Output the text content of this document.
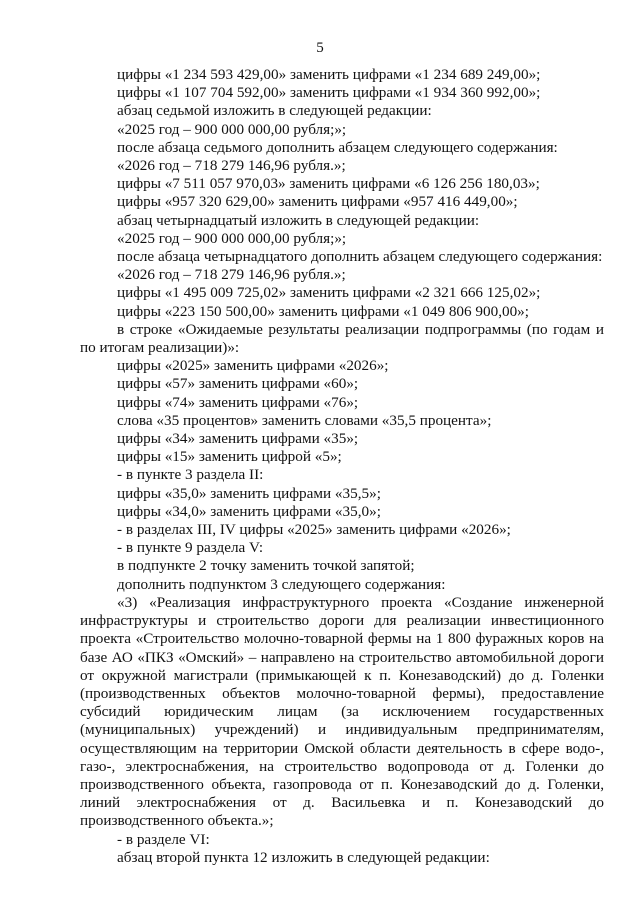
5
цифры «1 234 593 429,00» заменить цифрами «1 234 689 249,00»;
цифры «1 107 704 592,00» заменить цифрами «1 934 360 992,00»;
абзац седьмой изложить в следующей редакции:
«2025 год – 900 000 000,00 рубля;»;
после абзаца седьмого дополнить абзацем следующего содержания:
«2026 год – 718 279 146,96 рубля.»;
цифры «7 511 057 970,03» заменить цифрами «6 126 256 180,03»;
цифры «957 320 629,00» заменить цифрами «957 416 449,00»;
абзац четырнадцатый изложить в следующей редакции:
«2025 год – 900 000 000,00 рубля;»;
после абзаца четырнадцатого дополнить абзацем следующего содержания:
«2026 год – 718 279 146,96 рубля.»;
цифры «1 495 009 725,02» заменить цифрами «2 321 666 125,02»;
цифры «223 150 500,00» заменить цифрами «1 049 806 900,00»;
в строке «Ожидаемые результаты реализации подпрограммы (по годам и
по итогам реализации)»:
цифры «2025» заменить цифрами «2026»;
цифры «57» заменить цифрами «60»;
цифры «74» заменить цифрами «76»;
слова «35 процентов» заменить словами «35,5 процента»;
цифры «34» заменить цифрами «35»;
цифры «15» заменить цифрой «5»;
- в пункте 3 раздела II:
цифры «35,0» заменить цифрами «35,5»;
цифры «34,0» заменить цифрами «35,0»;
- в разделах III, IV цифры «2025» заменить цифрами «2026»;
- в пункте 9 раздела V:
в подпункте 2 точку заменить точкой запятой;
дополнить подпунктом 3 следующего содержания:
«3) «Реализация инфраструктурного проекта «Создание инженерной
инфраструктуры и строительство дороги для реализации инвестиционного
проекта «Строительство молочно-товарной фермы на 1 800 фуражных коров на
базе АО «ПКЗ «Омский» – направлено на строительство автомобильной дороги
от окружной магистрали (примыкающей к п. Конезаводский) до д. Голенки
(производственных объектов молочно-товарной фермы), предоставление
субсидий юридическим лицам (за исключением государственных
(муниципальных) учреждений) и индивидуальным предпринимателям,
осуществляющим на территории Омской области деятельность в сфере водо-,
газо-, электроснабжения, на строительство водопровода от д. Голенки до
производственного объекта, газопровода от п. Конезаводский до д. Голенки,
линий электроснабжения от д. Васильевка и п. Конезаводский до
производственного объекта.»;
- в разделе VI:
абзац второй пункта 12 изложить в следующей редакции:
